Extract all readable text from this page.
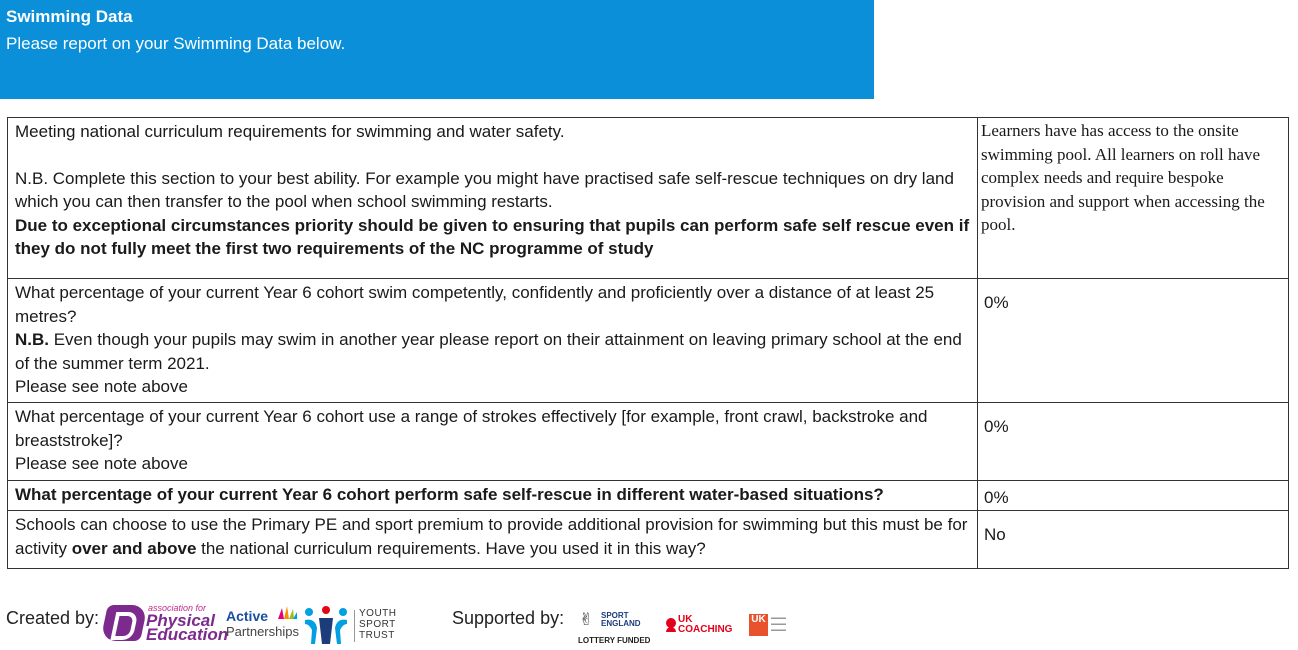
Swimming Data
Please report on your Swimming Data below.
Meeting national curriculum requirements for swimming and water safety.
N.B. Complete this section to your best ability. For example you might have practised safe self-rescue techniques on dry land which you can then transfer to the pool when school swimming restarts.
Due to exceptional circumstances priority should be given to ensuring that pupils can perform safe self rescue even if they do not fully meet the first two requirements of the NC programme of study	Learners have has access to the onsite swimming pool. All learners on roll have complex needs and require bespoke provision and support when accessing the pool.

What percentage of your current Year 6 cohort swim competently, confidently and proficiently over a distance of at least 25 metres?
N.B. Even though your pupils may swim in another year please report on their attainment on leaving primary school at the end of the summer term 2021.
Please see note above	0%

What percentage of your current Year 6 cohort use a range of strokes effectively [for example, front crawl, backstroke and breaststroke]?
Please see note above	0%
What percentage of your current Year 6 cohort perform safe self-rescue in different water-based situations?	0%
Schools can choose to use the Primary PE and sport premium to provide additional provision for swimming but this must be for activity over and above the national curriculum requirements. Have you used it in this way?	No
Created by:	association for
Physical
Education
Active
Partnerships
YOUTH
SPORT
TRUST
Supported by: ✌ SPORT
ENGLAND
LOTTERY FUNDED
UK
COACHING
UK	▬▬▬
▬▬▬
▬▬▬
